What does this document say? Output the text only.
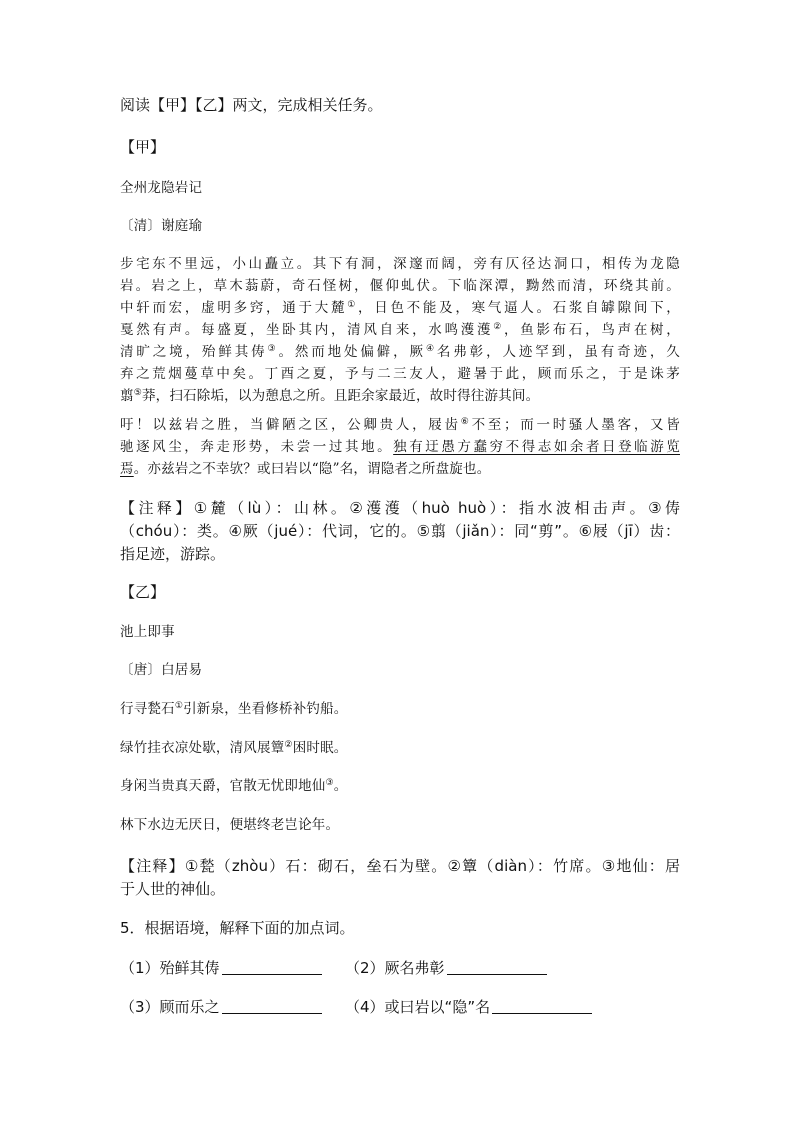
阅读【甲】【乙】两文，完成相关任务。
【甲】
全州龙隐岩记
〔清〕谢庭瑜
步宅东不里远，小山矗立。其下有洞，深邃而阔，旁有仄径达洞口，相传为龙隐
岩。岩之上，草木蓊蔚，奇石怪树，偃仰虬伏。下临深潭，黝然而清，环绕其前。
中轩而宏，虚明多窍，通于大麓①，日色不能及，寒气逼人。石浆自罅隙间下，
戛然有声。每盛夏，坐卧其内，清风自来，水鸣濩濩②，鱼影布石，鸟声在树，
清旷之境，殆鲜其俦③。然而地处偏僻，厥④名弗彰，人迹罕到，虽有奇迹，久
弃之荒烟蔓草中矣。丁酉之夏，予与二三友人，避暑于此，顾而乐之，于是诛茅
翦⑤莽，扫石除垢，以为憩息之所。且距余家最近，故时得往游其间。
吁！以兹岩之胜，当僻陋之区，公卿贵人，屐齿⑥不至；而一时骚人墨客，又皆
驰逐风尘，奔走形势，未尝一过其地。独有迂愚方蠢穷不得志如余者日登临游览
焉。亦兹岩之不幸欤？或曰岩以“隐”名，谓隐者之所盘旋也。
【注释】①麓（lù）：山林。②濩濩（huò huò）：指水波相击声。③俦
（chóu）：类。④厥（jué）：代词，它的。⑤翦（jiǎn）：同“剪”。⑥屐（jī）齿：
指足迹，游踪。
【乙】
池上即事
〔唐〕白居易
行寻甃石①引新泉，坐看修桥补钓船。
绿竹挂衣凉处歇，清风展簟②困时眠。
身闲当贵真天爵，官散无忧即地仙③。
林下水边无厌日，便堪终老岂论年。
【注释】①甃（zhòu）石：砌石，垒石为壁。②簟（diàn）：竹席。③地仙：居
于人世的神仙。
5．根据语境，解释下面的加点词。
（1）殆鲜其俦	（2）厥名弗彰
（3）顾而乐之	（4）或曰岩以“隐”名
